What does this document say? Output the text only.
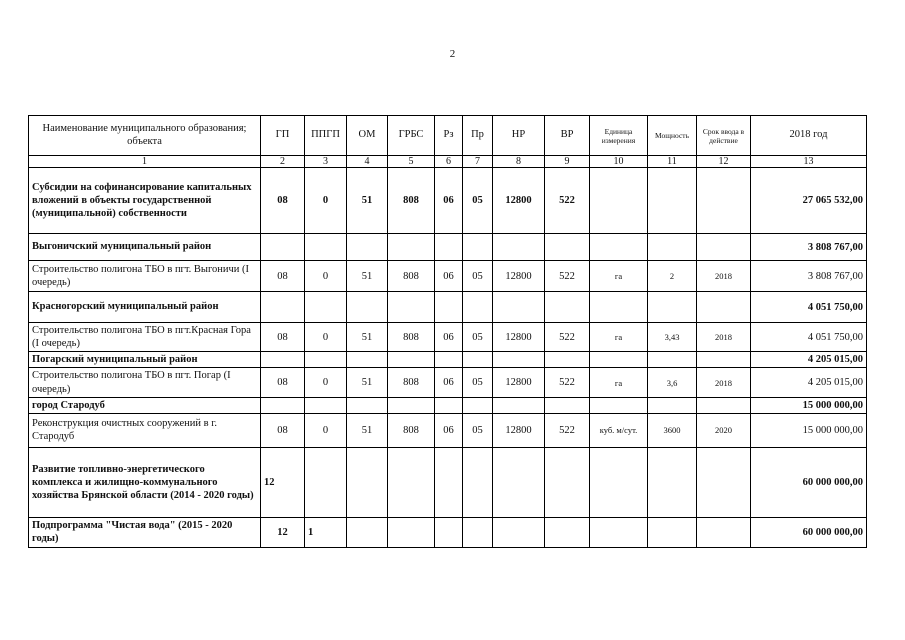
2
Наименование муниципального образования; объекта	ГП	ППГП	ОМ	ГРБС	Рз	Пр	НР	ВР	Единица измерения	Мощность	Срок ввода в действие	2018 год
1	2	3	4	5	6	7	8	9	10	11	12	13
Субсидии на софинансирование капитальных вложений в объекты государственной (муниципальной) собственности	08	0	51	808	06	05	12800	522				27 065 532,00
Выгоничский муниципальный район												3 808 767,00
Строительство полигона ТБО в пгт. Выгоничи (I очередь)	08	0	51	808	06	05	12800	522	га	2	2018	3 808 767,00
Красногорский муниципальный район												4 051 750,00
Строительство полигона ТБО в пгт.Красная Гора (I очередь)	08	0	51	808	06	05	12800	522	га	3,43	2018	4 051 750,00
Погарский муниципальный район												4 205 015,00
Строительство полигона ТБО в пгт. Погар (I очередь)	08	0	51	808	06	05	12800	522	га	3,6	2018	4 205 015,00
город Стародуб												15 000 000,00
Реконструкция очистных сооружений в г. Стародуб	08	0	51	808	06	05	12800	522	куб. м/сут.	3600	2020	15 000 000,00
Развитие топливно-энергетического комплекса и жилищно-коммунального хозяйства Брянской области (2014 - 2020 годы)	12											60 000 000,00
Подпрограмма "Чистая вода" (2015 - 2020 годы)	12	1										60 000 000,00
